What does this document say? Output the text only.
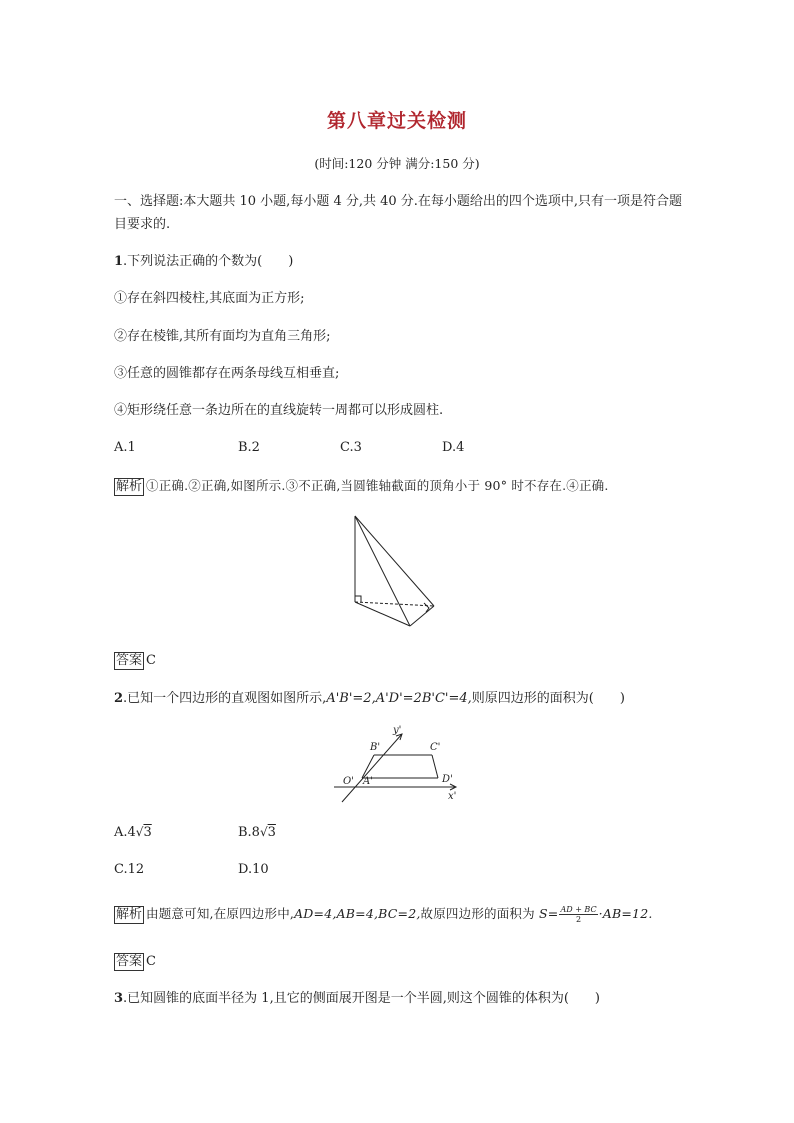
第八章过关检测
(时间:120 分钟 满分:150 分)
一、选择题:本大题共 10 小题,每小题 4 分,共 40 分.在每小题给出的四个选项中,只有一项是符合题目要求的.
1.下列说法正确的个数为(　　)
①存在斜四棱柱,其底面为正方形;
②存在棱锥,其所有面均为直角三角形;
③任意的圆锥都存在两条母线互相垂直;
④矩形绕任意一条边所在的直线旋转一周都可以形成圆柱.
A.1	B.2	C.3	D.4
解析 ①正确.②正确,如图所示.③不正确,当圆锥轴截面的顶角小于 90° 时不存在.④正确.
答案 C
2.已知一个四边形的直观图如图所示,A'B'=2,A'D'=2B'C'=4,则原四边形的面积为(　　)
y'
B'	C'
O' A'	D'
x'
A.4√3	B.8√3
C.12	D.10
解析 由题意可知,在原四边形中,AD=4,AB=4,BC=2,故原四边形的面积为 $S= \frac{AD + BC}{2} \cdot AB=12$.
答案 C
3.已知圆锥的底面半径为 1,且它的侧面展开图是一个半圆,则这个圆锥的体积为(　　)
